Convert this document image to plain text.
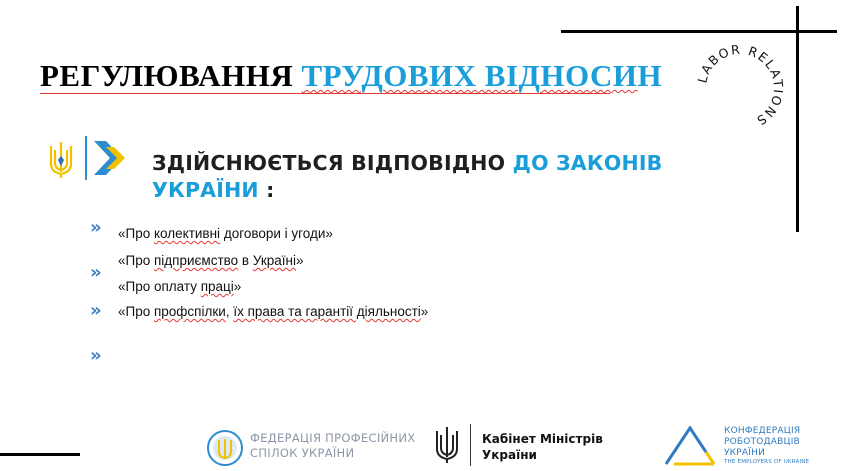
РЕГУЛЮВАННЯ ТРУДОВИХ ВІДНОСИН	LABOR RELATIONS

ЗДІЙСНЮЄТЬСЯ ВІДПОВІДНО ДО ЗАКОНІВ УКРАЇНИ :

»
»
»
»
«Про колективні договори і угоди»
«Про підприємство в Україні»
«Про оплату праці»
«Про профспілки, їх права та гарантії діяльності»
ФЕДЕРАЦІЯ ПРОФЕСІЙНИХ
СПІЛОК УКРАЇНИ
Кабінет Міністрів
України
КОНФЕДЕРАЦІЯ
РОБОТОДАВЦІВ
УКРАЇНИ
THE EMPLOYERS OF UKRAINE
